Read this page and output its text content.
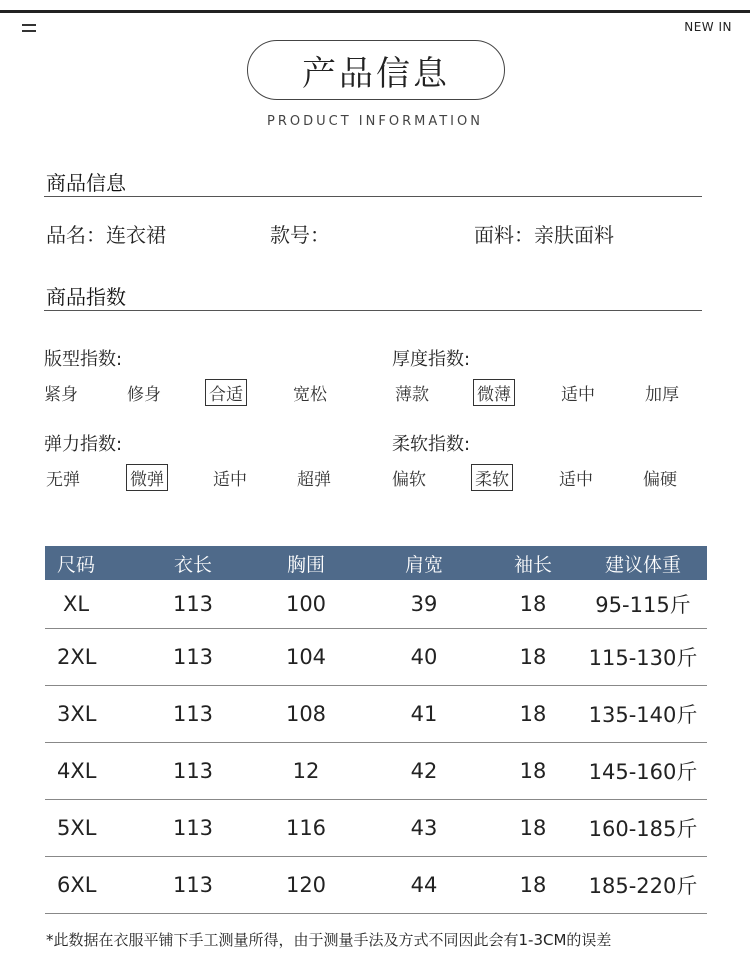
NEW IN
产品信息
PRODUCT INFORMATION
商品信息
品名：连衣裙	款号：	面料：亲肤面料
商品指数
版型指数:
紧身	修身	合适	宽松
厚度指数:
薄款	微薄	适中	加厚
弹力指数:
无弹	微弹	适中	超弹
柔软指数:
偏软	柔软	适中	偏硬
尺码	衣长	胸围	肩宽	袖长	建议体重
XL	113	100	39	18	95-115斤
2XL	113	104	40	18	115-130斤
3XL	113	108	41	18	135-140斤
4XL	113	12	42	18	145-160斤
5XL	113	116	43	18	160-185斤
6XL	113	120	44	18	185-220斤
*此数据在衣服平铺下手工测量所得，由于测量手法及方式不同因此会有1-3CM的误差
